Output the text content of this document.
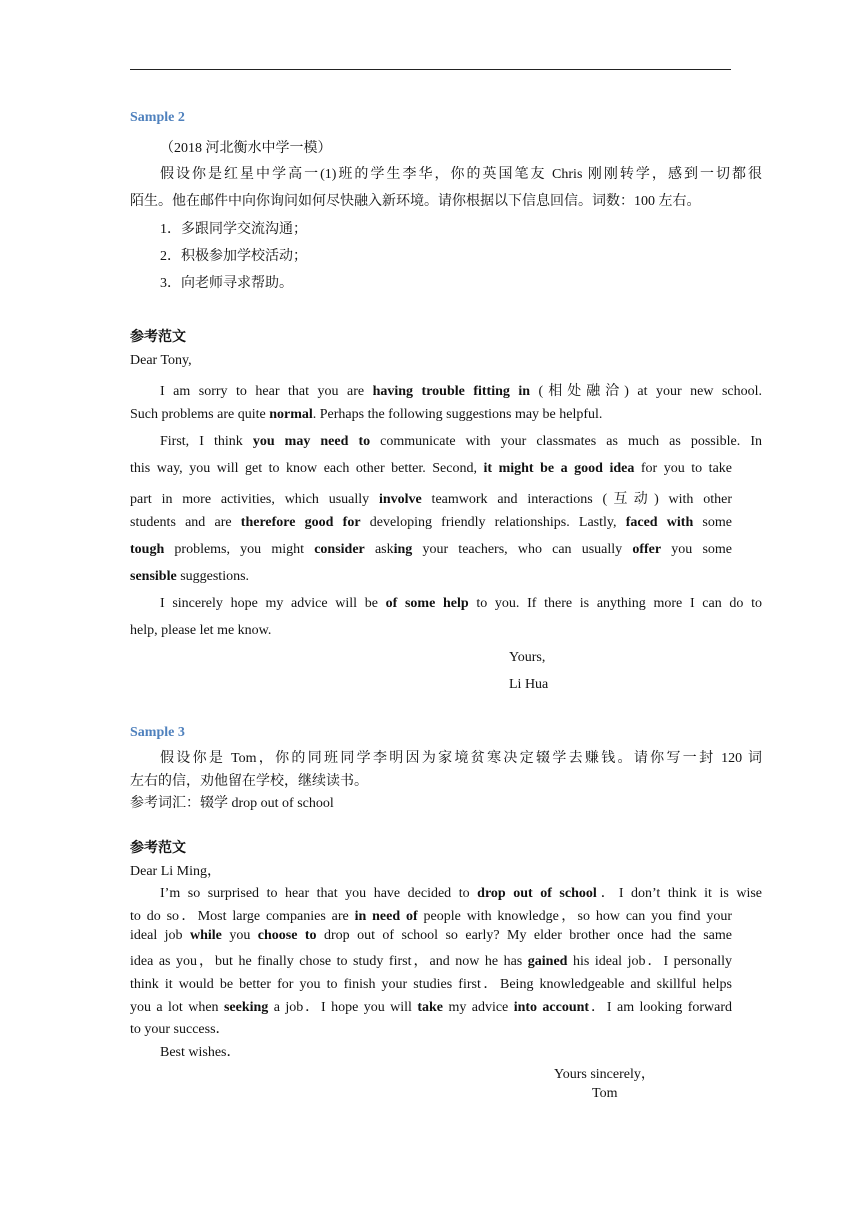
Sample 2

（2018 河北衡水中学一模）

假设你是红星中学高一(1)班的学生李华，你的英国笔友 Chris 刚刚转学，感到一切都很

陌生。他在邮件中向你询问如何尽快融入新环境。请你根据以下信息回信。词数：100 左右。

1．多跟同学交流沟通；

2．积极参加学校活动；

3．向老师寻求帮助。

参考范文

Dear Tony,

I am sorry to hear that you are having trouble fitting in (相处融洽) at your new school.

Such problems are quite normal. Perhaps the following suggestions may be helpful.

First, I think you may need to communicate with your classmates as much as possible. In

this way, you will get to know each other better. Second, it might be a good idea for you to take

part in more activities, which usually involve teamwork and interactions (互动) with other

students and are therefore good for developing friendly relationships. Lastly, faced with some

tough problems, you might consider asking your teachers, who can usually offer you some

sensible suggestions.

I sincerely hope my advice will be of some help to you. If there is anything more I can do to

help, please let me know.

Yours,

Li Hua

Sample 3

假设你是 Tom，你的同班同学李明因为家境贫寒决定辍学去赚钱。请你写一封 120 词

左右的信，劝他留在学校，继续读书。

参考词汇：辍学 drop out of school

参考范文

Dear Li Ming，

I’m so surprised to hear that you have decided to drop out of school．I don’t think it is wise

to do so．Most large companies are in need of people with knowledge，so how can you find your

ideal job while you choose to drop out of school so early? My elder brother once had the same

idea as you，but he finally chose to study first，and now he has gained his ideal job．I personally

think it would be better for you to finish your studies first．Being knowledgeable and skillful helps

you a lot when seeking a job．I hope you will take my advice into account．I am looking forward

to your success．

Best wishes．

Yours sincerely，

Tom
